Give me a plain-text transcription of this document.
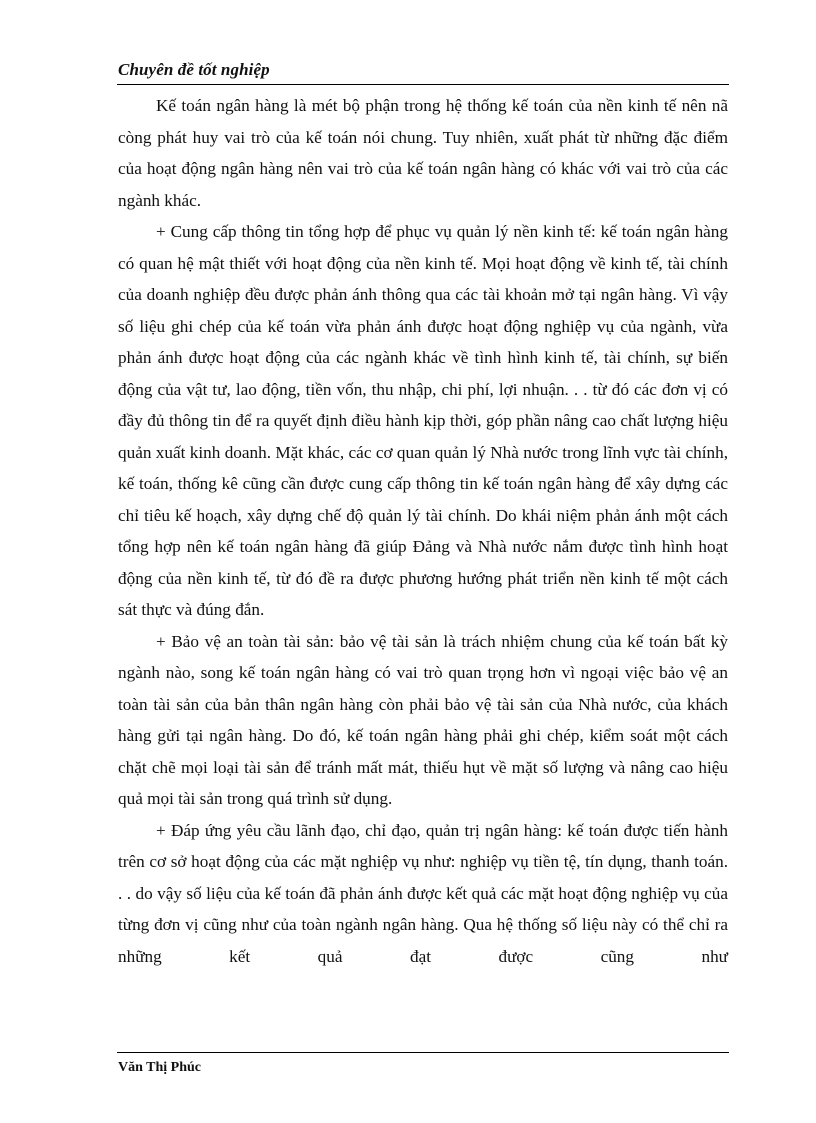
Chuyên đề tốt nghiệp

Kế toán ngân hàng là mét bộ phận trong hệ thống kế toán của nền kinh tế nên nã còng phát huy vai trò của kế toán nói chung. Tuy nhiên, xuất phát từ những đặc điểm của hoạt động ngân hàng nên vai trò của kế toán ngân hàng có khác với vai trò của các ngành khác.

+ Cung cấp thông tin tổng hợp để phục vụ quản lý nền kinh tế: kế toán ngân hàng có quan hệ mật thiết với hoạt động của nền kinh tế. Mọi hoạt động về kinh tế, tài chính của doanh nghiệp đều được phản ánh thông qua các tài khoản mở tại ngân hàng. Vì vậy số liệu ghi chép của kế toán vừa phản ánh được hoạt động nghiệp vụ của ngành, vừa phản ánh được hoạt động của các ngành khác về tình hình kinh tế, tài chính, sự biến động của vật tư, lao động, tiền vốn, thu nhập, chi phí, lợi nhuận. . . từ đó các đơn vị có đầy đủ thông tin để ra quyết định điều hành kịp thời, góp phần nâng cao chất lượng hiệu quản xuất kinh doanh. Mặt khác, các cơ quan quản lý Nhà nước trong lĩnh vực tài chính, kế toán, thống kê cũng cần được cung cấp thông tin kế toán ngân hàng để xây dựng các chỉ tiêu kế hoạch, xây dựng chế độ quản lý tài chính. Do khái niệm phản ánh một cách tổng hợp nên kế toán ngân hàng đã giúp Đảng và Nhà nước nắm được tình hình hoạt động của nền kinh tế, từ đó đề ra được phương hướng phát triển nền kinh tế một cách sát thực và đúng đắn.

+ Bảo vệ an toàn tài sản: bảo vệ tài sản là trách nhiệm chung của kế toán bất kỳ ngành nào, song kế toán ngân hàng có vai trò quan trọng hơn vì ngoại việc bảo vệ an toàn tài sản của bản thân ngân hàng còn phải bảo vệ tài sản của Nhà nước, của khách hàng gửi tại ngân hàng. Do đó, kế toán ngân hàng phải ghi chép, kiểm soát một cách chặt chẽ mọi loại tài sản để tránh mất mát, thiếu hụt về mặt số lượng và nâng cao hiệu quả mọi tài sản trong quá trình sử dụng.

+ Đáp ứng yêu cầu lãnh đạo, chỉ đạo, quản trị ngân hàng: kế toán được tiến hành trên cơ sở hoạt động của các mặt nghiệp vụ như: nghiệp vụ tiền tệ, tín dụng, thanh toán. . . do vậy số liệu của kế toán đã phản ánh được kết quả các mặt hoạt động nghiệp vụ của từng đơn vị cũng như của toàn ngành ngân hàng. Qua hệ thống số liệu này có thể chỉ ra những kết quả đạt được cũng như

Văn Thị Phúc
